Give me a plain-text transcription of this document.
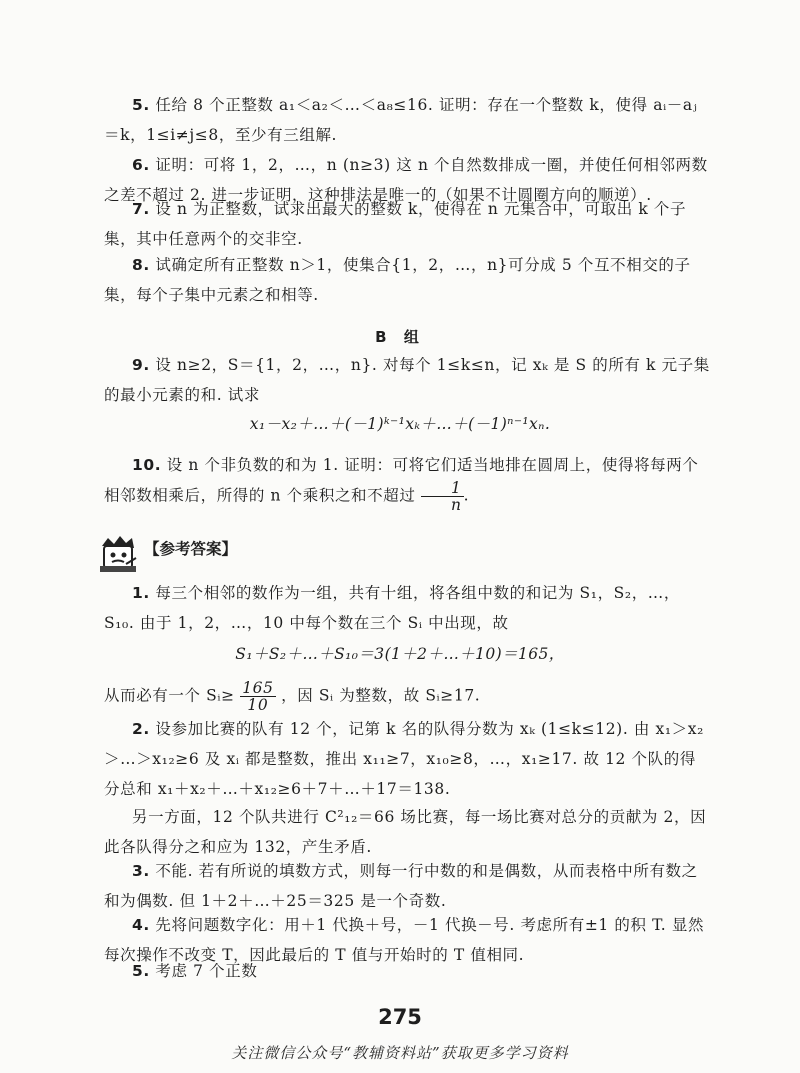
5. 任给 8 个正整数 a₁＜a₂＜…＜a₈≤16. 证明：存在一个整数 k，使得 aᵢ－aⱼ＝k，1≤i≠j≤8，至少有三组解.

6. 证明：可将 1，2，…，n (n≥3) 这 n 个自然数排成一圈，并使任何相邻两数之差不超过 2. 进一步证明，这种排法是唯一的（如果不计圆圈方向的顺逆）.

7. 设 n 为正整数，试求出最大的整数 k，使得在 n 元集合中，可取出 k 个子集，其中任意两个的交非空.

8. 试确定所有正整数 n＞1，使集合{1，2，…，n}可分成 5 个互不相交的子集，每个子集中元素之和相等.

B 组

9. 设 n≥2，S＝{1，2，…，n}. 对每个 1≤k≤n，记 xₖ 是 S 的所有 k 元子集的最小元素的和. 试求

x₁－x₂＋…＋(－1)ᵏ⁻¹xₖ＋…＋(－1)ⁿ⁻¹xₙ.

10. 设 n 个非负数的和为 1. 证明：可将它们适当地排在圆周上，使得将每两个相邻数相乘后，所得的 n 个乘积之和不超过 $\frac{1}{n}$ .

【参考答案】

1. 每三个相邻的数作为一组，共有十组，将各组中数的和记为 S₁，S₂，…，S₁₀. 由于 1，2，…，10 中每个数在三个 Sᵢ 中出现，故

S₁＋S₂＋…＋S₁₀＝3(1＋2＋…＋10)＝165，

从而必有一个 Sᵢ≥ $\frac{165}{10}$ ，因 Sᵢ 为整数，故 Sᵢ≥17.

2. 设参加比赛的队有 12 个，记第 k 名的队得分数为 xₖ (1≤k≤12). 由 x₁＞x₂＞…＞x₁₂≥6 及 xᵢ 都是整数，推出 x₁₁≥7，x₁₀≥8，…，x₁≥17. 故 12 个队的得分总和 x₁＋x₂＋…＋x₁₂≥6＋7＋…＋17＝138.

另一方面，12 个队共进行 C²₁₂＝66 场比赛，每一场比赛对总分的贡献为 2，因此各队得分之和应为 132，产生矛盾.

3. 不能. 若有所说的填数方式，则每一行中数的和是偶数，从而表格中所有数之和为偶数. 但 1＋2＋…＋25＝325 是一个奇数.

4. 先将问题数字化：用＋1 代换＋号，－1 代换－号. 考虑所有±1 的积 T. 显然每次操作不改变 T，因此最后的 T 值与开始时的 T 值相同.

5. 考虑 7 个正数

275
关注微信公众号“教辅资料站”获取更多学习资料
